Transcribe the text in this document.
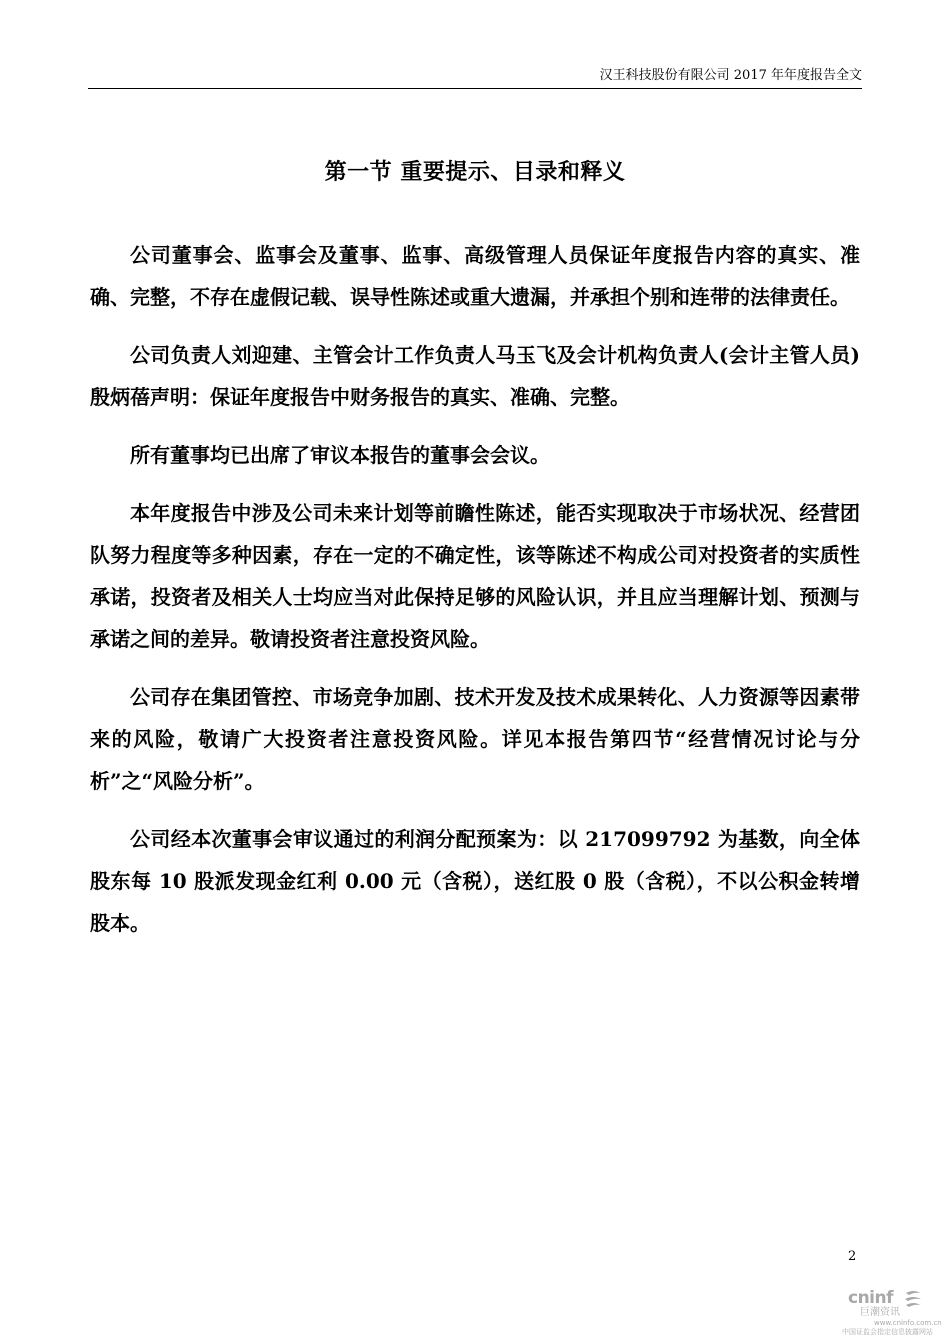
汉王科技股份有限公司 2017 年年度报告全文
第一节 重要提示、目录和释义

公司董事会、监事会及董事、监事、高级管理人员保证年度报告内容的真实、准确、完整，不存在虚假记载、误导性陈述或重大遗漏，并承担个别和连带的法律责任。

公司负责人刘迎建、主管会计工作负责人马玉飞及会计机构负责人(会计主管人员)殷炳蓓声明：保证年度报告中财务报告的真实、准确、完整。

所有董事均已出席了审议本报告的董事会会议。

本年度报告中涉及公司未来计划等前瞻性陈述，能否实现取决于市场状况、经营团队努力程度等多种因素，存在一定的不确定性，该等陈述不构成公司对投资者的实质性承诺，投资者及相关人士均应当对此保持足够的风险认识，并且应当理解计划、预测与承诺之间的差异。敬请投资者注意投资风险。

公司存在集团管控、市场竞争加剧、技术开发及技术成果转化、人力资源等因素带来的风险，敬请广大投资者注意投资风险。详见本报告第四节“经营情况讨论与分析”之“风险分析”。

公司经本次董事会审议通过的利润分配预案为：以 217099792 为基数，向全体股东每 10 股派发现金红利 0.00 元（含税），送红股 0 股（含税），不以公积金转增股本。

2
cninf
巨潮资讯
www.cninfo.com.cn
中国证监会指定信息披露网站
